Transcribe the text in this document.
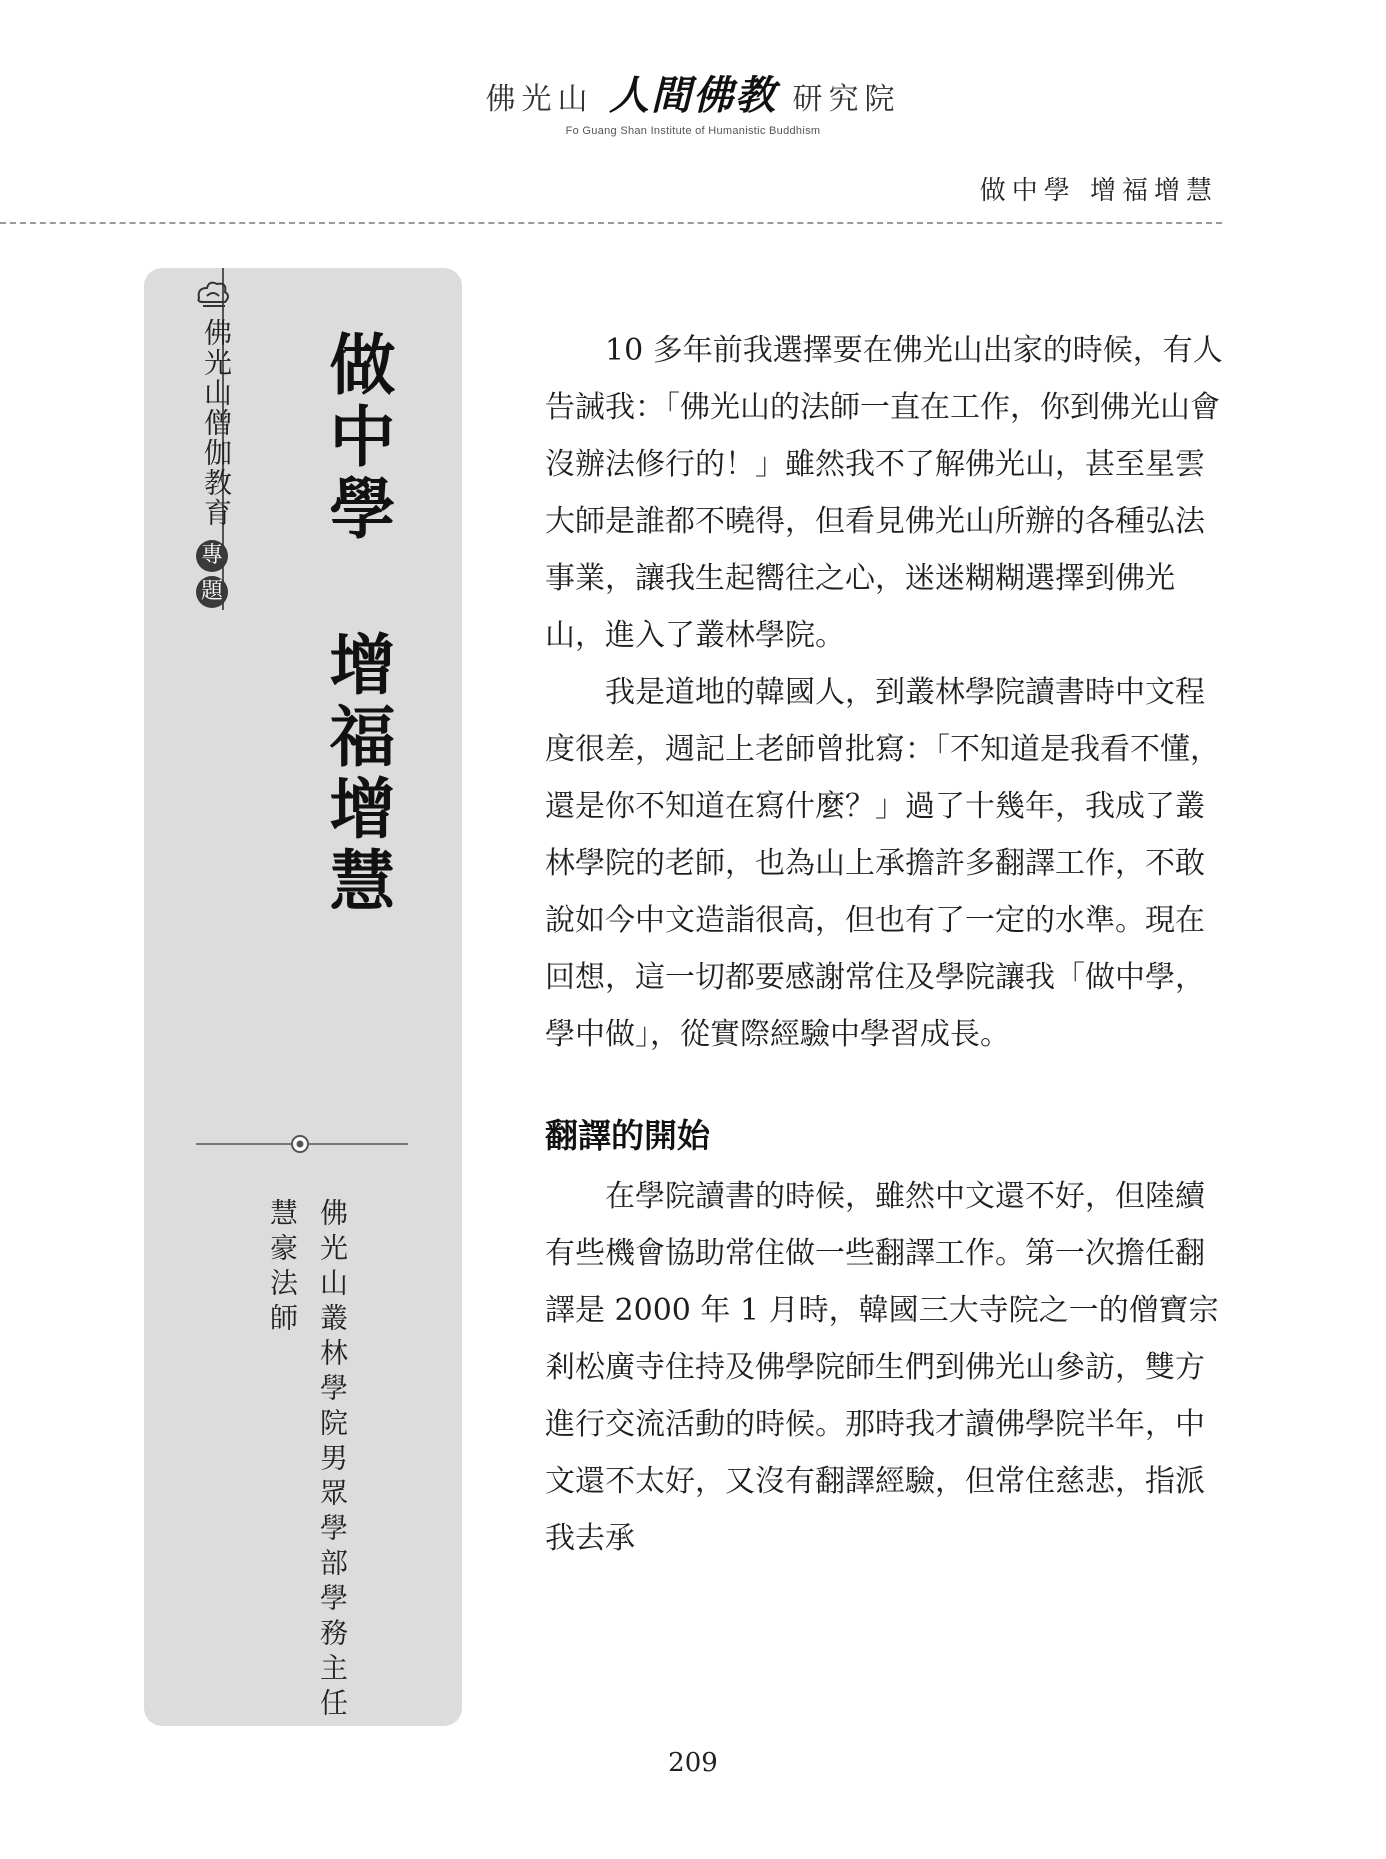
佛光山 人間佛教 研究院
Fo Guang Shan Institute of Humanistic Buddhism
做中學 增福增慧
佛光山僧伽教育
專
題 做中學 增福增慧
佛光山叢林學院男眾學部學務主任
慧豪法師

10 多年前我選擇要在佛光山出家的時候，有人告誡我：「佛光山的法師一直在工作，你到佛光山會沒辦法修行的！」雖然我不了解佛光山，甚至星雲大師是誰都不曉得，但看見佛光山所辦的各種弘法事業，讓我生起嚮往之心，迷迷糊糊選擇到佛光山，進入了叢林學院。

我是道地的韓國人，到叢林學院讀書時中文程度很差，週記上老師曾批寫：「不知道是我看不懂，還是你不知道在寫什麼？」過了十幾年，我成了叢林學院的老師，也為山上承擔許多翻譯工作，不敢說如今中文造詣很高，但也有了一定的水準。現在回想，這一切都要感謝常住及學院讓我「做中學，學中做」，從實際經驗中學習成長。

翻譯的開始

在學院讀書的時候，雖然中文還不好，但陸續有些機會協助常住做一些翻譯工作。第一次擔任翻譯是 2000 年 1 月時，韓國三大寺院之一的僧寶宗剎松廣寺住持及佛學院師生們到佛光山參訪，雙方進行交流活動的時候。那時我才讀佛學院半年，中文還不太好，又沒有翻譯經驗，但常住慈悲，指派我去承

209
